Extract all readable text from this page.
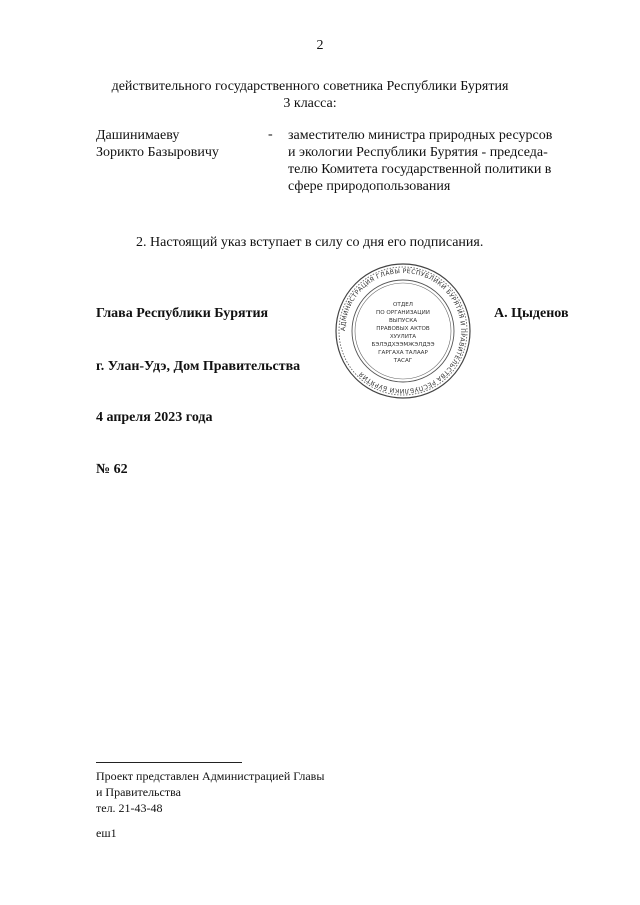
2
действительного государственного советника Республики Бурятия
3 класса:
Дашинимаеву
Зорикто Базыровичу
- заместителю министра природных ресурсов
и экологии Республики Бурятия - председа-
телю Комитета государственной политики в
сфере природопользования
2. Настоящий указ вступает в силу со дня его подписания.
АДМИНИСТРАЦИЯ ГЛАВЫ РЕСПУБЛИКИ БУРЯТИЯ И ПРАВИТЕЛЬСТВА РЕСПУБЛИКИ БУРЯТИЯ
ОТДЕЛ
ПО ОРГАНИЗАЦИИ
ВЫПУСКА
ПРАВОВЫХ АКТОВ
ХУУЛИТА
БЭЛЭДХЭЭМЖЭЛДЭЭ
ГАРГАХА ТАЛААР
ТАСАГ
Глава Республики Бурятия	А. Цыденов
г. Улан-Удэ, Дом Правительства
4 апреля 2023 года
№ 62
Проект представлен Администрацией Главы
и Правительства
тел. 21-43-48
еш1
